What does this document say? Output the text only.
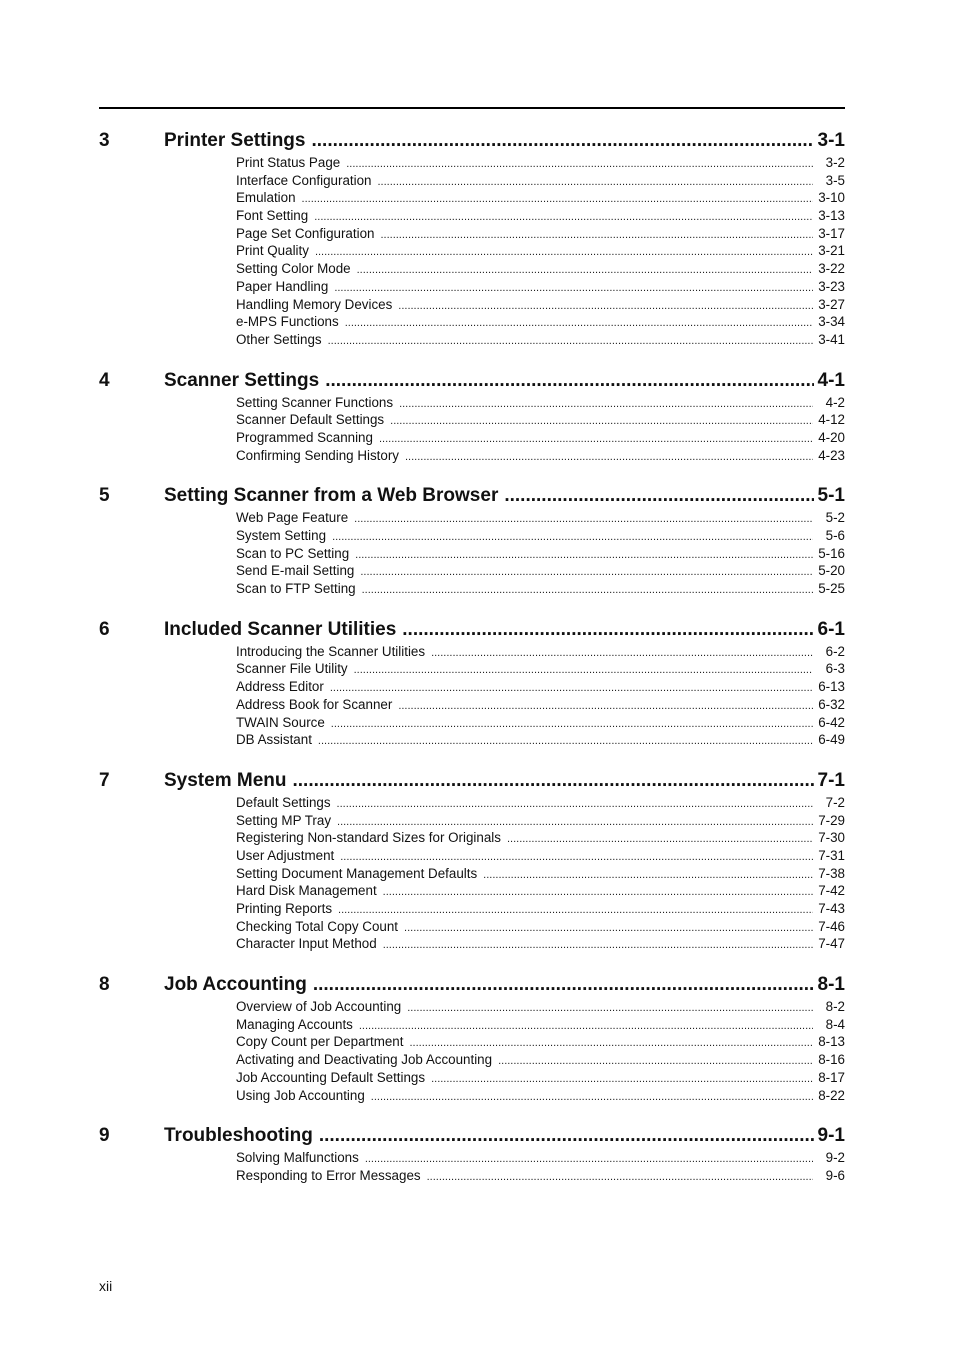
3	Printer Settings .....	3-1
Print Status Page .....	3-2
Interface Configuration .....	3-5
Emulation .....	3-10
Font Setting .....	3-13
Page Set Configuration .....	3-17
Print Quality .....	3-21
Setting Color Mode .....	3-22
Paper Handling .....	3-23
Handling Memory Devices .....	3-27
e-MPS Functions .....	3-34
Other Settings .....	3-41
4	Scanner Settings .....	4-1
Setting Scanner Functions .....	4-2
Scanner Default Settings .....	4-12
Programmed Scanning .....	4-20
Confirming Sending History .....	4-23
5	Setting Scanner from a Web Browser .....	5-1
Web Page Feature .....	5-2
System Setting .....	5-6
Scan to PC Setting .....	5-16
Send E-mail Setting .....	5-20
Scan to FTP Setting .....	5-25
6	Included Scanner Utilities .....	6-1
Introducing the Scanner Utilities .....	6-2
Scanner File Utility .....	6-3
Address Editor .....	6-13
Address Book for Scanner .....	6-32
TWAIN Source .....	6-42
DB Assistant .....	6-49
7	System Menu .....	7-1
Default Settings .....	7-2
Setting MP Tray .....	7-29
Registering Non-standard Sizes for Originals .....	7-30
User Adjustment .....	7-31
Setting Document Management Defaults .....	7-38
Hard Disk Management .....	7-42
Printing Reports .....	7-43
Checking Total Copy Count .....	7-46
Character Input Method .....	7-47
8	Job Accounting .....	8-1
Overview of Job Accounting .....	8-2
Managing Accounts .....	8-4
Copy Count per Department .....	8-13
Activating and Deactivating Job Accounting .....	8-16
Job Accounting Default Settings .....	8-17
Using Job Accounting .....	8-22
9	Troubleshooting .....	9-1
Solving Malfunctions .....	9-2
Responding to Error Messages .....	9-6
xii
